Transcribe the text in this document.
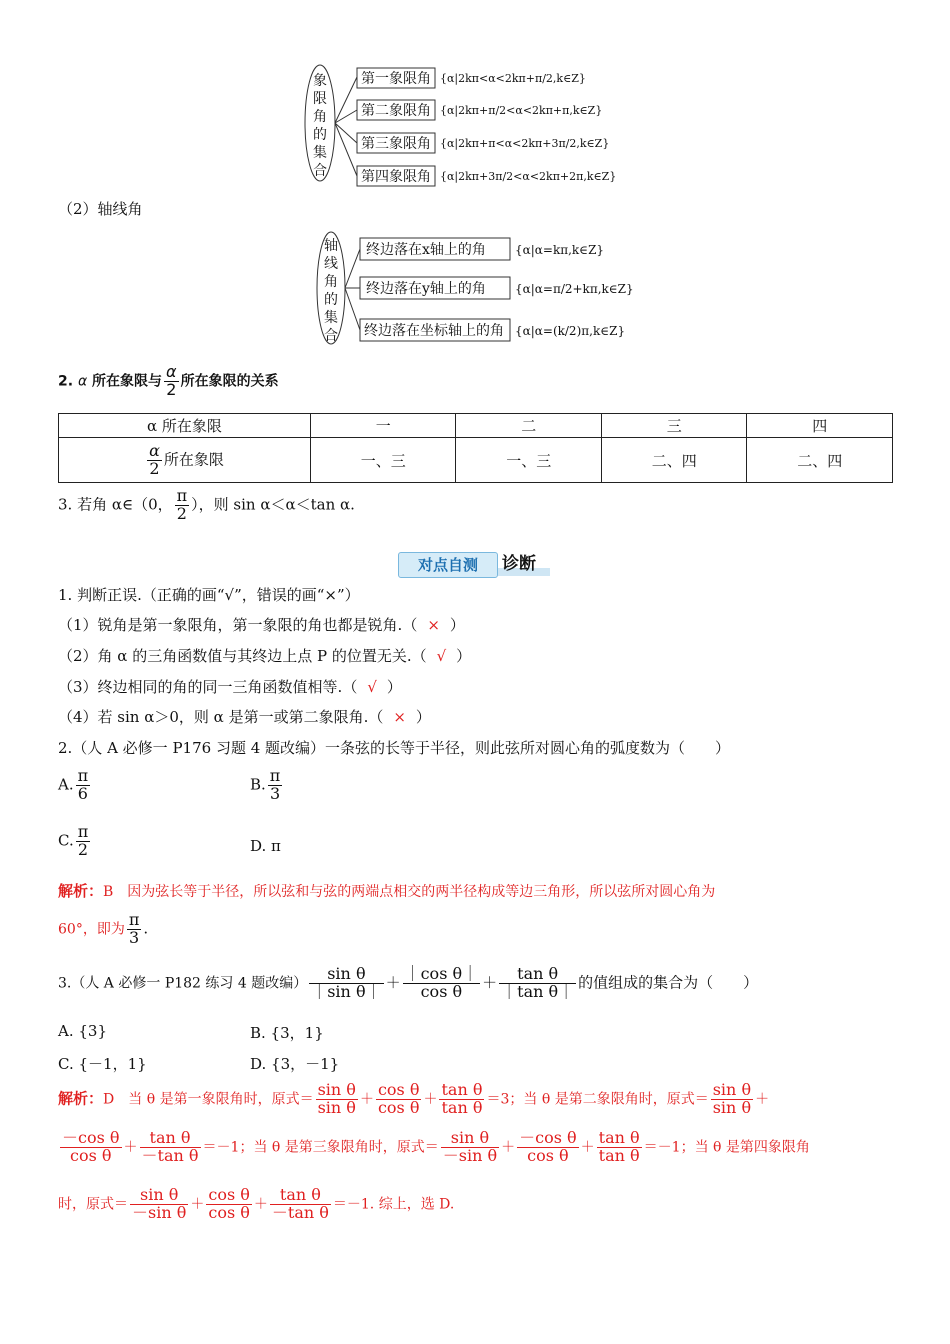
象
限
角
的
集
合
第一象限角
第二象限角
第三象限角
第四象限角
{α|2kπ<α<2kπ+π/2,k∈Z}
{α|2kπ+π/2<α<2kπ+π,k∈Z}
{α|2kπ+π<α<2kπ+3π/2,k∈Z}
{α|2kπ+3π/2<α<2kπ+2π,k∈Z}
（2）轴线角
轴
线
角
的
集
合
终边落在x轴上的角
终边落在y轴上的角
终边落在坐标轴上的角
{α|α=kπ,k∈Z}
{α|α=π/2+kπ,k∈Z}
{α|α=(k/2)π,k∈Z}
2. α 所在象限与 $\frac{\alpha}{2}$ 所在象限的关系
α 所在象限	一	二	三	四

$\frac{\alpha}{2}$ 所在象限	一、三	一、三	二、四	二、四
3. 若角 α∈（0， $\frac{\pi}{2}$ ），则 sin α＜α＜tan α.
对点自测	诊断
1. 判断正误.（正确的画“√”，错误的画“×”）
（1）锐角是第一象限角，第一象限的角也都是锐角.（ × ）
（2）角 α 的三角函数值与其终边上点 P 的位置无关.（ √ ）
（3）终边相同的角的同一三角函数值相等.（ √ ）
（4）若 sin α＞0，则 α 是第一或第二象限角.（ × ）
2.（人 A 必修一 P176 习题 4 题改编）一条弦的长等于半径，则此弦所对圆心角的弧度数为（　　）
A. $\frac{\pi}{6}$	B. $\frac{\pi}{3}$
C. $\frac{\pi}{2}$	D. π
解析：B　因为弦长等于半径，所以弦和与弦的两端点相交的两半径构成等边三角形，所以弦所对圆心角为
60°，即为 $\frac{\pi}{3}$ .
3.（人 A 必修一 P182 练习 4 题改编） $\frac{\text{sin θ}}{\text{｜sin θ｜}} + \frac{\text{｜cos θ｜}}{\text{cos θ}} + \frac{\text{tan θ}}{\text{｜tan θ｜}}$ 的值组成的集合为（　　）
A. {3}	B. {3，1}
C. {－1，1}	D. {3，－1}
解析：D　当 θ 是第一象限角时，原式＝ $\frac{\text{sin θ}}{\text{sin θ}} + \frac{\text{cos θ}}{\text{cos θ}} + \frac{\text{tan θ}}{\text{tan θ}} =3$；当 θ 是第二象限角时，原式＝ $\frac{\text{sin θ}}{\text{sin θ}}$ ＋
$\frac{\text{－cos θ}}{\text{cos θ}} + \frac{\text{tan θ}}{\text{－tan θ}} =-1$；当 θ 是第三象限角时，原式＝ $\frac{\text{sin θ}}{\text{－sin θ}} + \frac{\text{－cos θ}}{\text{cos θ}} + \frac{\text{tan θ}}{\text{tan θ}} =-1$；当 θ 是第四象限角
时，原式＝ $\frac{\text{sin θ}}{\text{－sin θ}} + \frac{\text{cos θ}}{\text{cos θ}} + \frac{\text{tan θ}}{\text{－tan θ}} =-1$. 综上，选 D.
